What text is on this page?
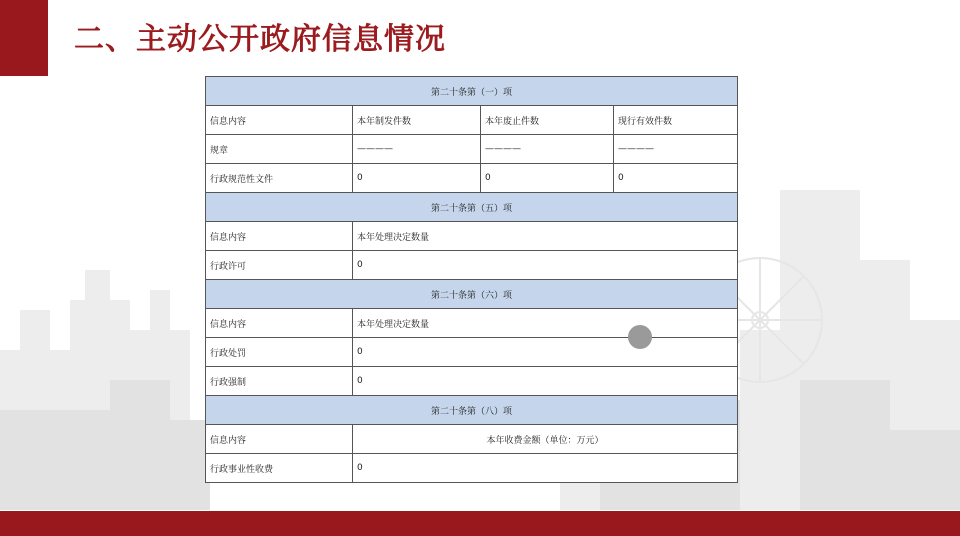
二、主动公开政府信息情况
第二十条第（一）项			
信息内容	本年制发件数	本年废止件数	现行有效件数
规章	————	————	————
行政规范性文件	0	0	0
第二十条第（五）项			
信息内容	本年处理决定数量		
行政许可	0		
第二十条第（六）项			
信息内容	本年处理决定数量		
行政处罚	0		
行政强制	0		
第二十条第（八）项			
信息内容	本年收费金额（单位：万元）		
行政事业性收费	0		
